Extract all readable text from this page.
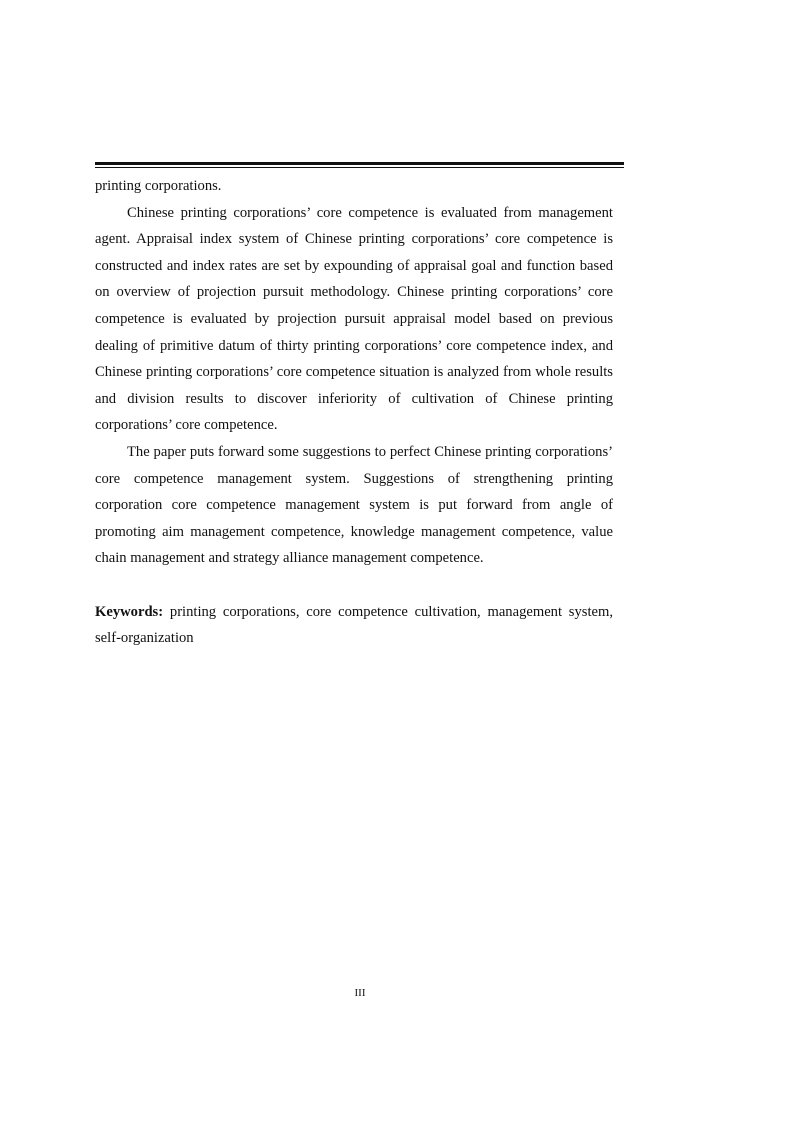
printing corporations.

Chinese printing corporations’ core competence is evaluated from management agent. Appraisal index system of Chinese printing corporations’ core competence is constructed and index rates are set by expounding of appraisal goal and function based on overview of projection pursuit methodology. Chinese printing corporations’ core competence is evaluated by projection pursuit appraisal model based on previous dealing of primitive datum of thirty printing corporations’ core competence index, and Chinese printing corporations’ core competence situation is analyzed from whole results and division results to discover inferiority of cultivation of Chinese printing corporations’ core competence.

The paper puts forward some suggestions to perfect Chinese printing corporations’ core competence management system. Suggestions of strengthening printing corporation core competence management system is put forward from angle of promoting aim management competence, knowledge management competence, value chain management and strategy alliance management competence.

Keywords: printing corporations, core competence cultivation, management system, self-organization

III
